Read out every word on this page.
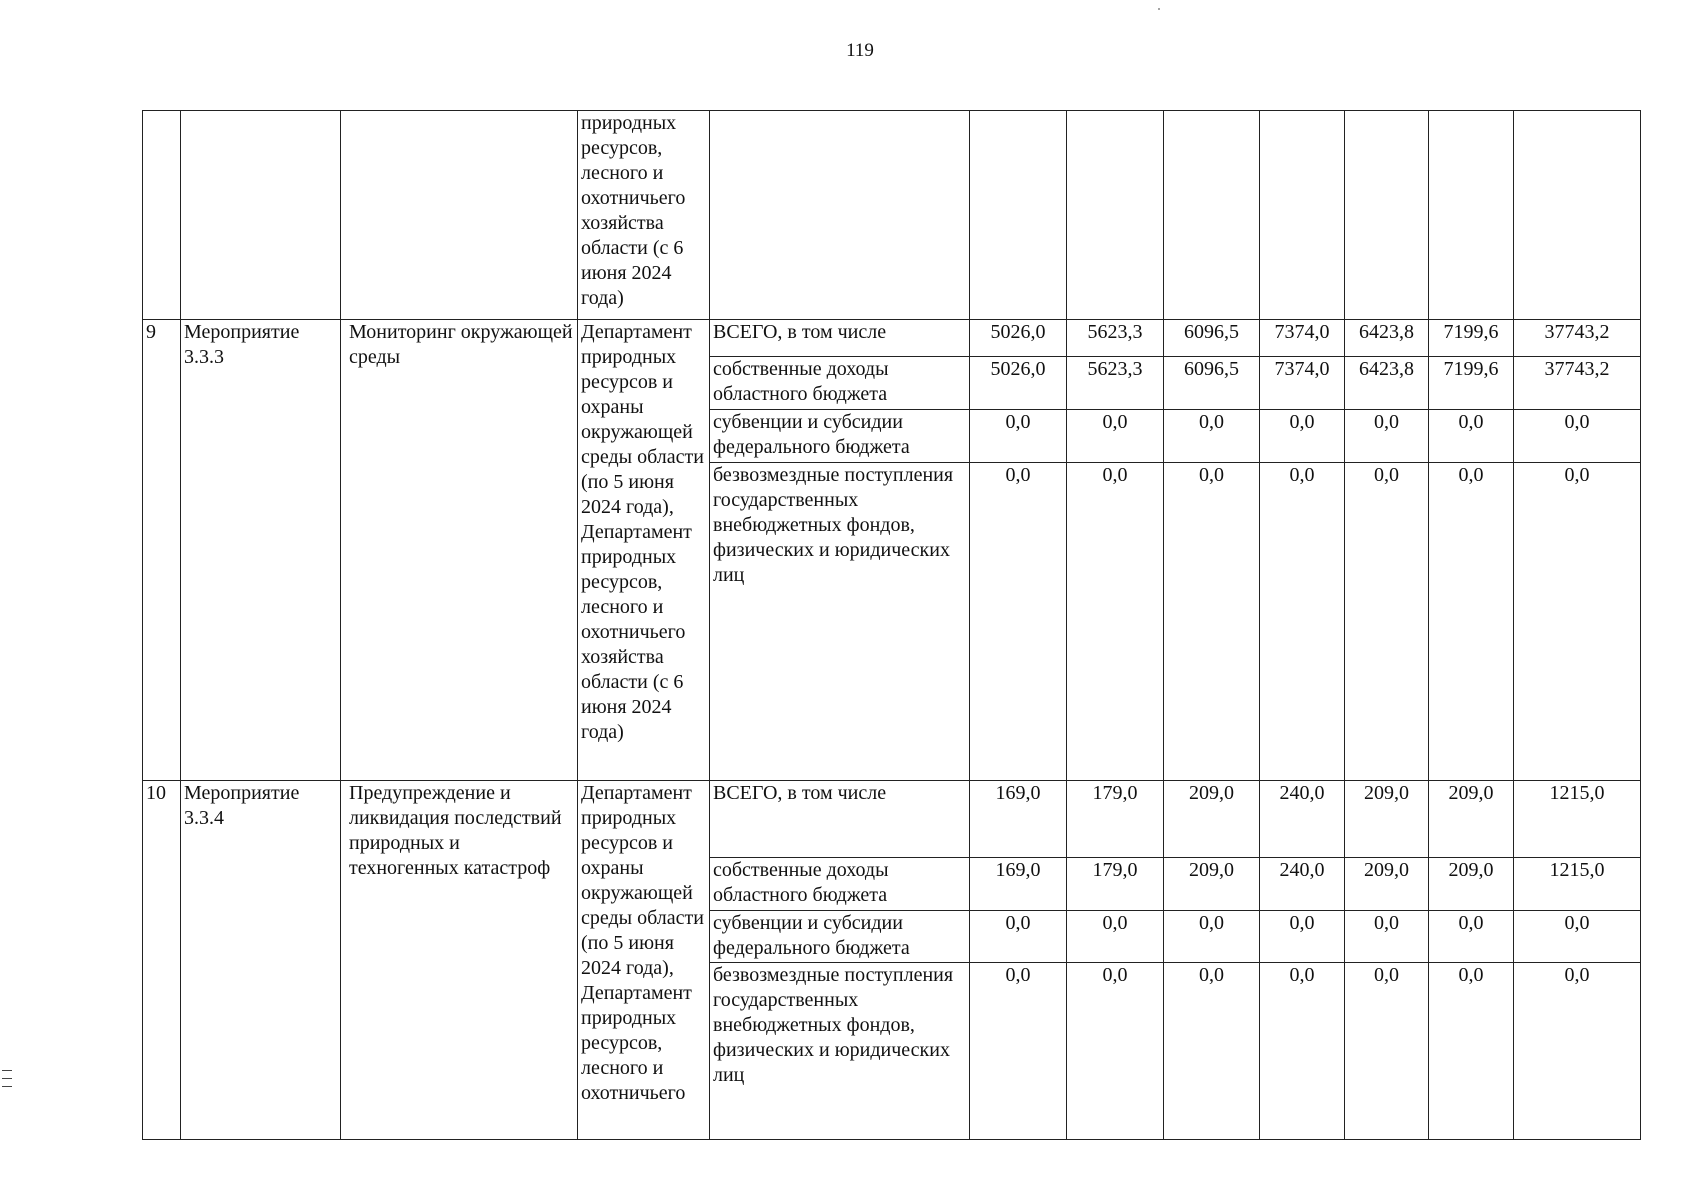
119
			природных ресурсов, лесного и охотничьего хозяйства области (с 6 июня 2024 года)								
9	Мероприятие 3.3.3	Мониторинг окружающей среды	Департамент природных ресурсов и охраны окружающей среды области (по 5 июня 2024 года), Департамент природных ресурсов, лесного и охотничьего хозяйства области (с 6 июня 2024 года)	ВСЕГО, в том числе	5026,0	5623,3	6096,5	7374,0	6423,8	7199,6	37743,2
				собственные доходы областного бюджета	5026,0	5623,3	6096,5	7374,0	6423,8	7199,6	37743,2
				субвенции и субсидии федерального бюджета	0,0	0,0	0,0	0,0	0,0	0,0	0,0
				безвозмездные поступления государственных внебюджетных фондов, физических и юридических лиц	0,0	0,0	0,0	0,0	0,0	0,0	0,0
10	Мероприятие 3.3.4	Предупреждение и ликвидация последствий природных и техногенных катастроф	Департамент природных ресурсов и охраны окружающей среды области (по 5 июня 2024 года), Департамент природных ресурсов, лесного и охотничьего	ВСЕГО, в том числе	169,0	179,0	209,0	240,0	209,0	209,0	1215,0
				собственные доходы областного бюджета	169,0	179,0	209,0	240,0	209,0	209,0	1215,0
				субвенции и субсидии федерального бюджета	0,0	0,0	0,0	0,0	0,0	0,0	0,0
				безвозмездные поступления государственных внебюджетных фондов, физических и юридических лиц	0,0	0,0	0,0	0,0	0,0	0,0	0,0
